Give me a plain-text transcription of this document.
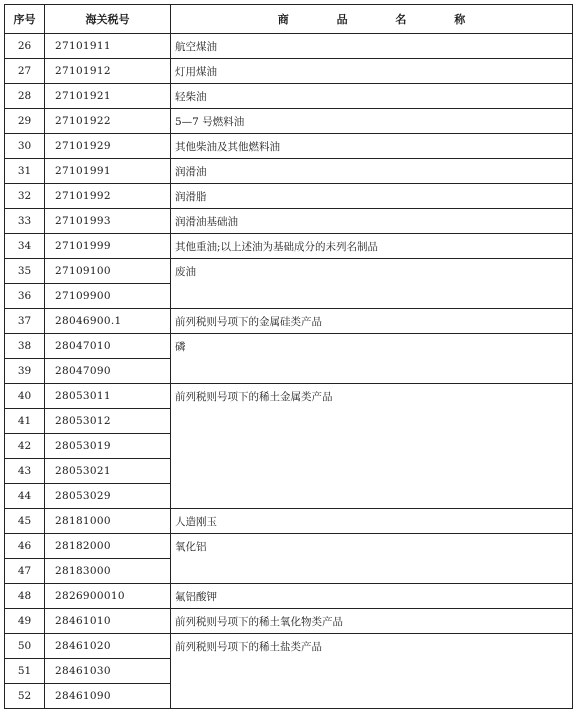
序号	海关税号	商 品 名 称
26	27101911	航空煤油
27	27101912	灯用煤油
28	27101921	轻柴油
29	27101922	5—7 号燃料油
30	27101929	其他柴油及其他燃料油
31	27101991	润滑油
32	27101992	润滑脂
33	27101993	润滑油基础油
34	27101999	其他重油;以上述油为基础成分的未列名制品
35	27109100	废油
36	27109900	
37	28046900.1	前列税则号项下的金属硅类产品
38	28047010	磷
39	28047090	
40	28053011	前列税则号项下的稀土金属类产品
41	28053012	
42	28053019	
43	28053021	
44	28053029	
45	28181000	人造刚玉
46	28182000	氧化铝
47	28183000	
48	2826900010	氟铝酸钾
49	28461010	前列税则号项下的稀土氧化物类产品
50	28461020	前列税则号项下的稀土盐类产品
51	28461030	
52	28461090	
